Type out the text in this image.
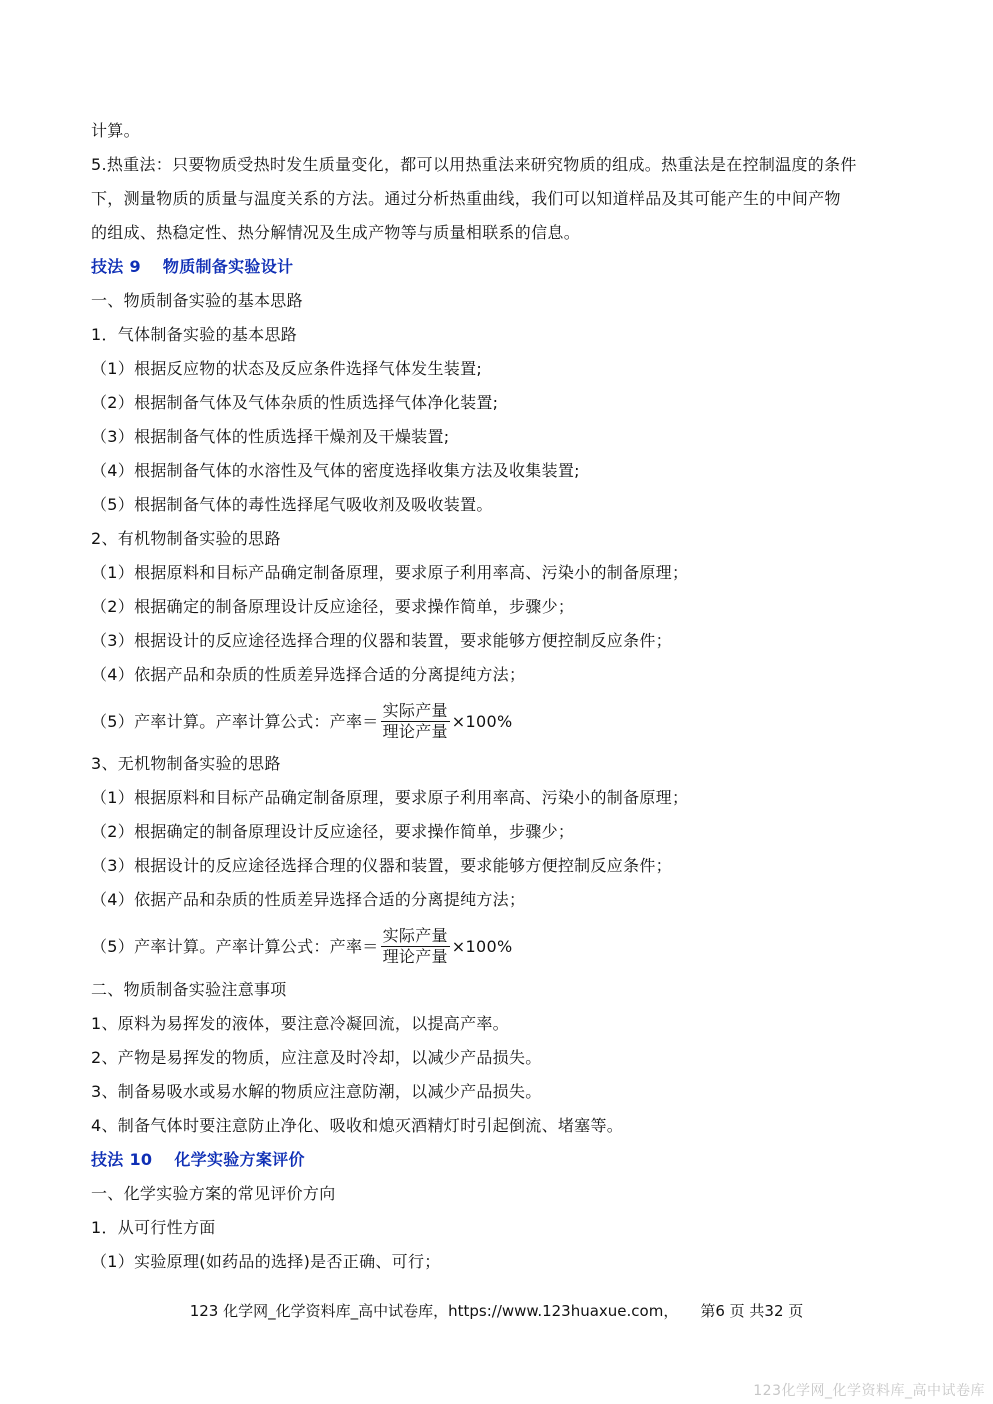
计算。
5.热重法：只要物质受热时发生质量变化，都可以用热重法来研究物质的组成。热重法是在控制温度的条件
下，测量物质的质量与温度关系的方法。通过分析热重曲线，我们可以知道样品及其可能产生的中间产物
的组成、热稳定性、热分解情况及生成产物等与质量相联系的信息。
技法 9 物质制备实验设计
一、物质制备实验的基本思路
1．气体制备实验的基本思路
（1）根据反应物的状态及反应条件选择气体发生装置;
（2）根据制备气体及气体杂质的性质选择气体净化装置;
（3）根据制备气体的性质选择干燥剂及干燥装置;
（4）根据制备气体的水溶性及气体的密度选择收集方法及收集装置;
（5）根据制备气体的毒性选择尾气吸收剂及吸收装置。
2、有机物制备实验的思路
（1）根据原料和目标产品确定制备原理，要求原子利用率高、污染小的制备原理；
（2）根据确定的制备原理设计反应途径，要求操作简单，步骤少；
（3）根据设计的反应途径选择合理的仪器和装置，要求能够方便控制反应条件；
（4）依据产品和杂质的性质差异选择合适的分离提纯方法；
（5）产率计算。产率计算公式：产率＝ $\frac{\text{实际产量}}{\text{理论产量}} \times 100\%$
3、无机物制备实验的思路
（1）根据原料和目标产品确定制备原理，要求原子利用率高、污染小的制备原理；
（2）根据确定的制备原理设计反应途径，要求操作简单，步骤少；
（3）根据设计的反应途径选择合理的仪器和装置，要求能够方便控制反应条件；
（4）依据产品和杂质的性质差异选择合适的分离提纯方法；
（5）产率计算。产率计算公式：产率＝ $\frac{\text{实际产量}}{\text{理论产量}} \times 100\%$
二、物质制备实验注意事项
1、原料为易挥发的液体，要注意冷凝回流，以提高产率。
2、产物是易挥发的物质，应注意及时冷却，以减少产品损失。
3、制备易吸水或易水解的物质应注意防潮，以减少产品损失。
4、制备气体时要注意防止净化、吸收和熄灭酒精灯时引起倒流、堵塞等。
技法 10 化学实验方案评价
一、化学实验方案的常见评价方向
1．从可行性方面
（1）实验原理(如药品的选择)是否正确、可行；
123 化学网_化学资料库_高中试卷库，https://www.123huaxue.com， 第6 页 共32 页
123化学网_化学资料库_高中试卷库
